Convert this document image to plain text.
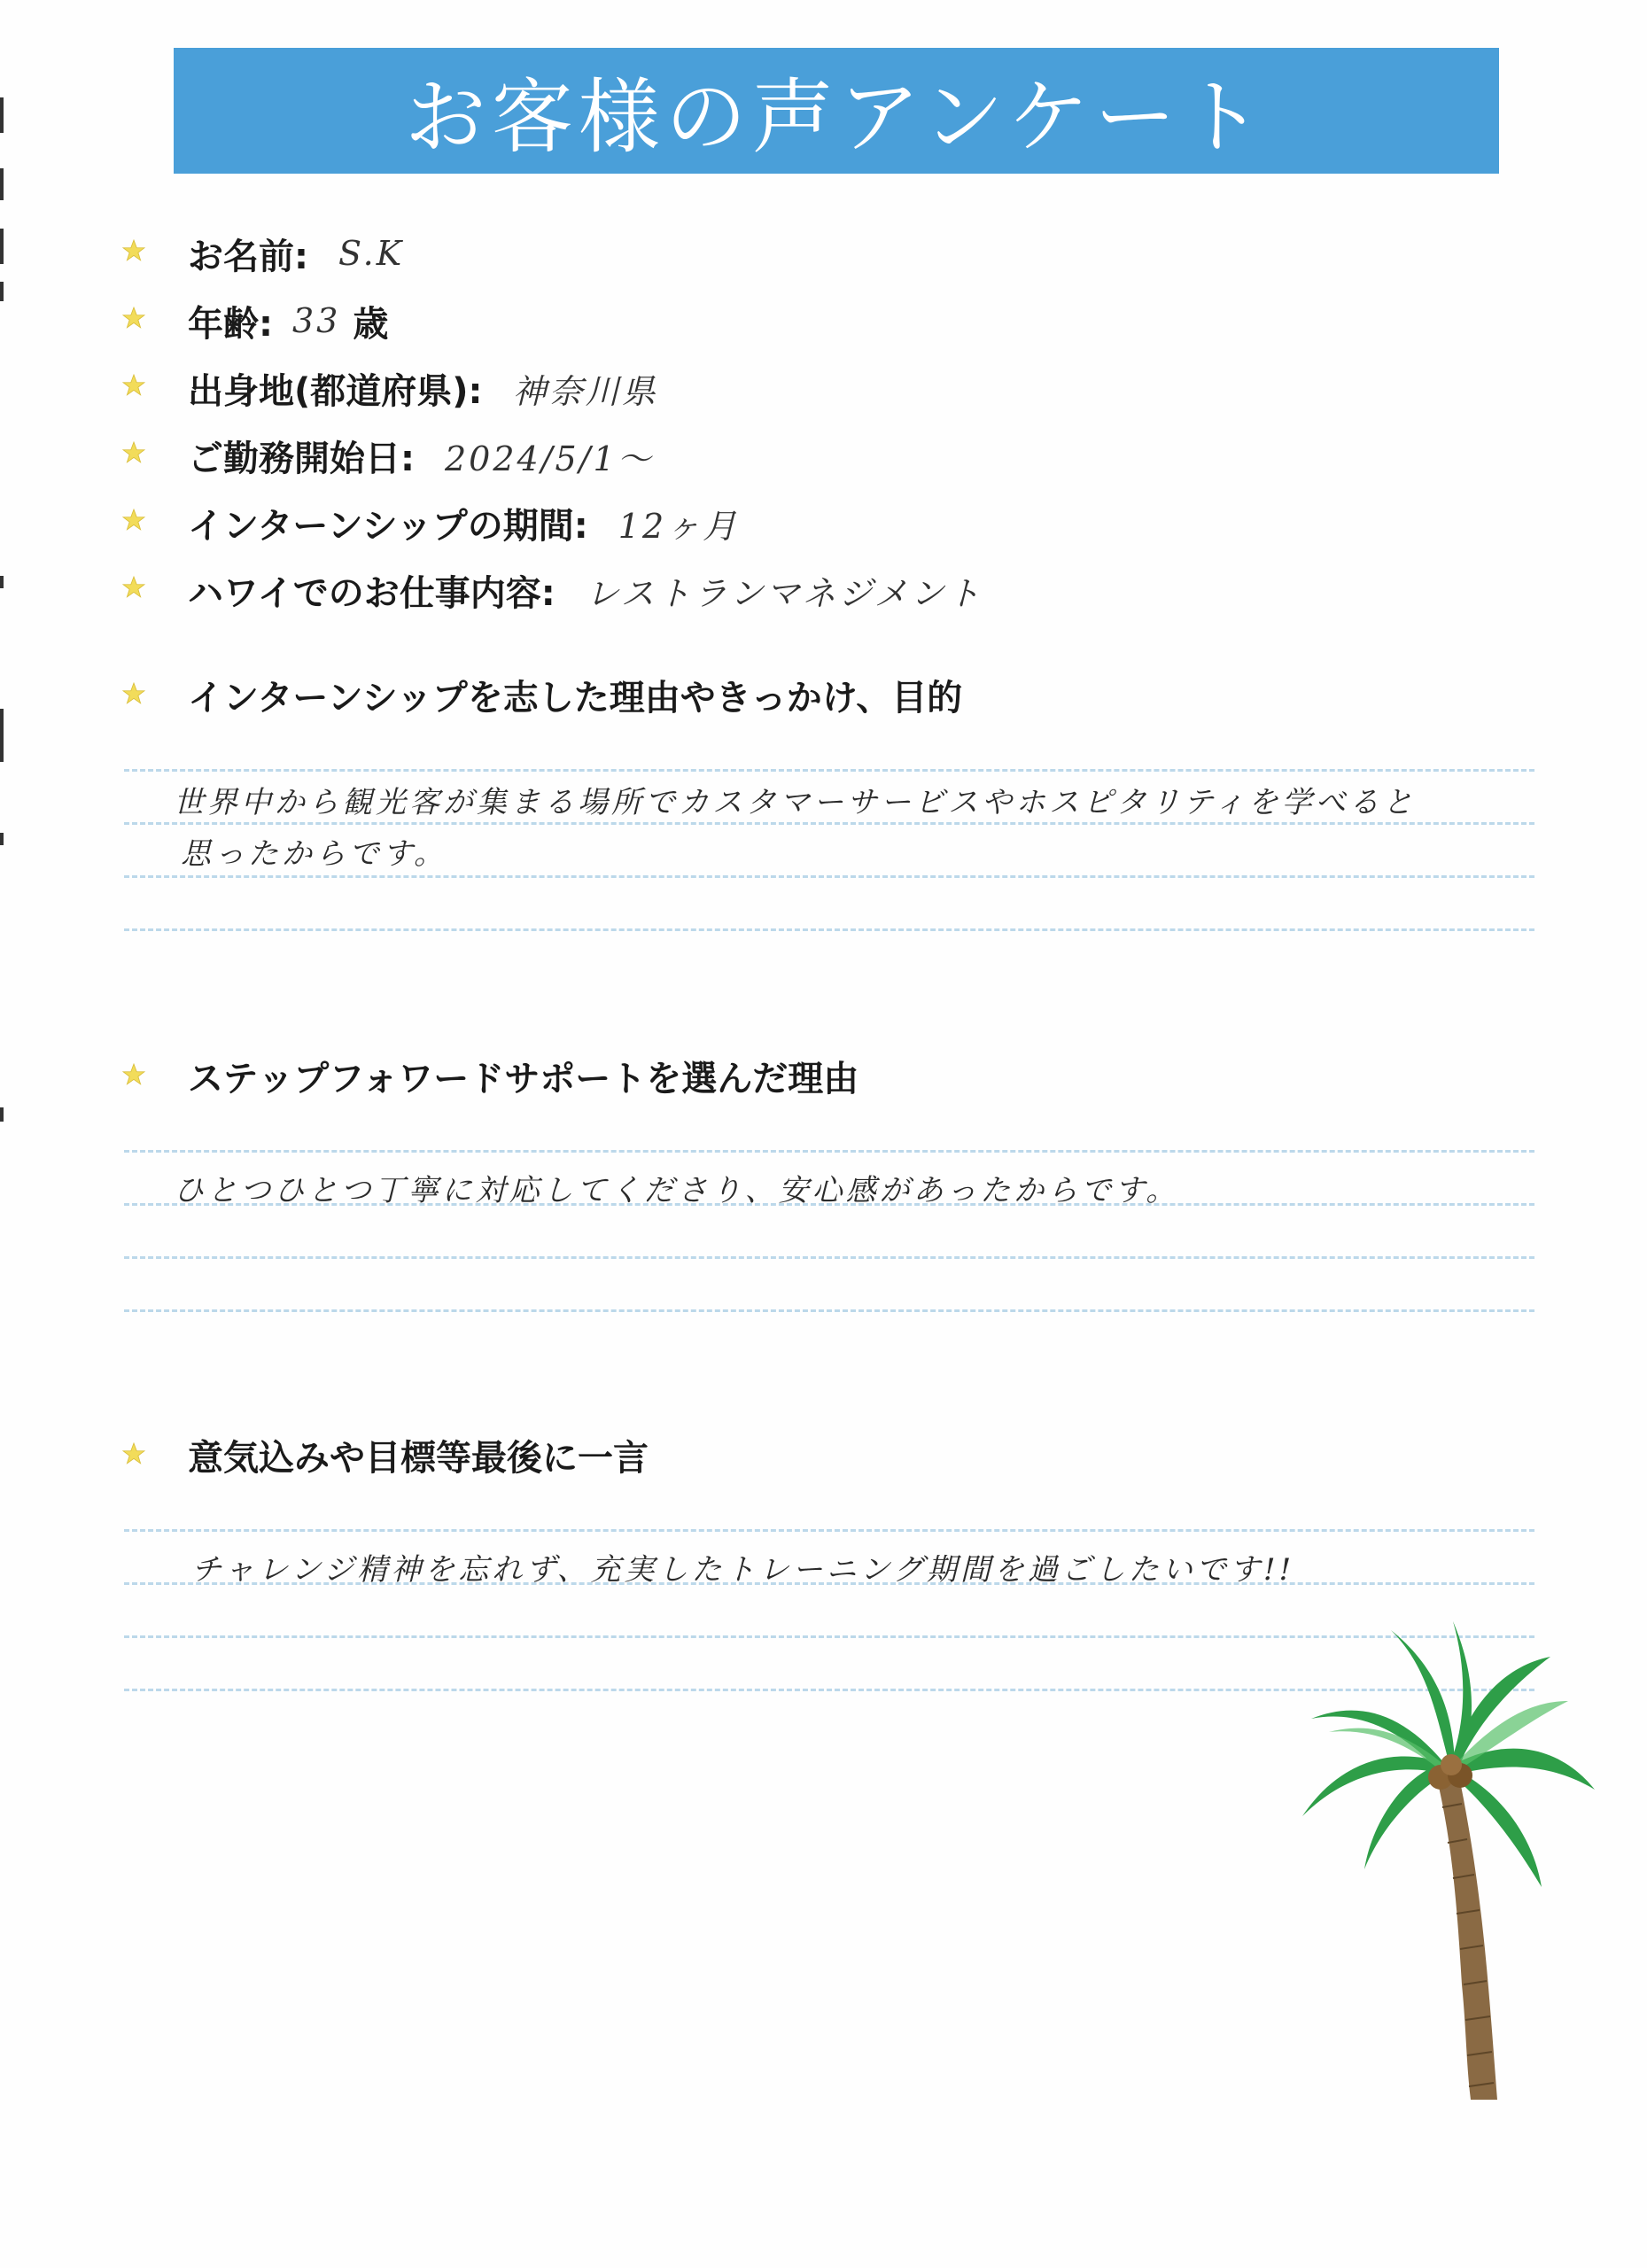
お客様の声アンケート
お名前: S.K
年齢: 33 歳
出身地(都道府県): 神奈川県
ご勤務開始日: 2024/5/1〜
インターンシップの期間: 12ヶ月
ハワイでのお仕事内容: レストランマネジメント
インターンシップを志した理由やきっかけ、目的
世界中から観光客が集まる場所でカスタマーサービスやホスピタリティを学べると
思ったからです。
ステップフォワードサポートを選んだ理由
ひとつひとつ丁寧に対応してくださり、安心感があったからです。
意気込みや目標等最後に一言
チャレンジ精神を忘れず、充実したトレーニング期間を過ごしたいです!!
